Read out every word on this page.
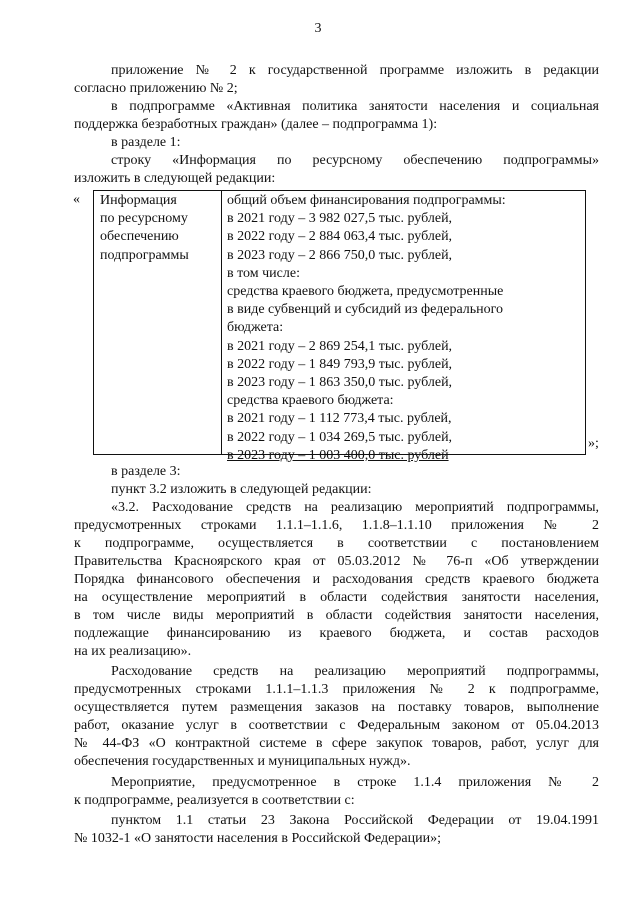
3
приложение № 2 к государственной программе изложить в редакции
согласно приложению № 2;
в подпрограмме «Активная политика занятости населения и социальная
поддержка безработных граждан» (далее – подпрограмма 1):
в разделе 1:
строку «Информация по ресурсному обеспечению подпрограммы»
изложить в следующей редакции:
« Информация
по ресурсному
обеспечению
подпрограммы
общий объем финансирования подпрограммы:
в 2021 году – 3 982 027,5 тыс. рублей,
в 2022 году – 2 884 063,4 тыс. рублей,
в 2023 году – 2 866 750,0 тыс. рублей,
в том числе:
средства краевого бюджета, предусмотренные
в виде субвенций и субсидий из федерального
бюджета:
в 2021 году – 2 869 254,1 тыс. рублей,
в 2022 году – 1 849 793,9 тыс. рублей,
в 2023 году – 1 863 350,0 тыс. рублей,
средства краевого бюджета:
в 2021 году – 1 112 773,4 тыс. рублей,
в 2022 году – 1 034 269,5 тыс. рублей,
в 2023 году – 1 003 400,0 тыс. рублей
»;
в разделе 3:
пункт 3.2 изложить в следующей редакции:
«3.2. Расходование средств на реализацию мероприятий подпрограммы,
предусмотренных строками 1.1.1–1.1.6, 1.1.8–1.1.10 приложения № 2
к подпрограмме, осуществляется в соответствии с постановлением
Правительства Красноярского края от 05.03.2012 № 76-п «Об утверждении
Порядка финансового обеспечения и расходования средств краевого бюджета
на осуществление мероприятий в области содействия занятости населения,
в том числе виды мероприятий в области содействия занятости населения,
подлежащие финансированию из краевого бюджета, и состав расходов
на их реализацию».
Расходование средств на реализацию мероприятий подпрограммы,
предусмотренных строками 1.1.1–1.1.3 приложения № 2 к подпрограмме,
осуществляется путем размещения заказов на поставку товаров, выполнение
работ, оказание услуг в соответствии с Федеральным законом от 05.04.2013
№ 44-ФЗ «О контрактной системе в сфере закупок товаров, работ, услуг для
обеспечения государственных и муниципальных нужд».
Мероприятие, предусмотренное в строке 1.1.4 приложения № 2
к подпрограмме, реализуется в соответствии с:
пунктом 1.1 статьи 23 Закона Российской Федерации от 19.04.1991
№ 1032-1 «О занятости населения в Российской Федерации»;
